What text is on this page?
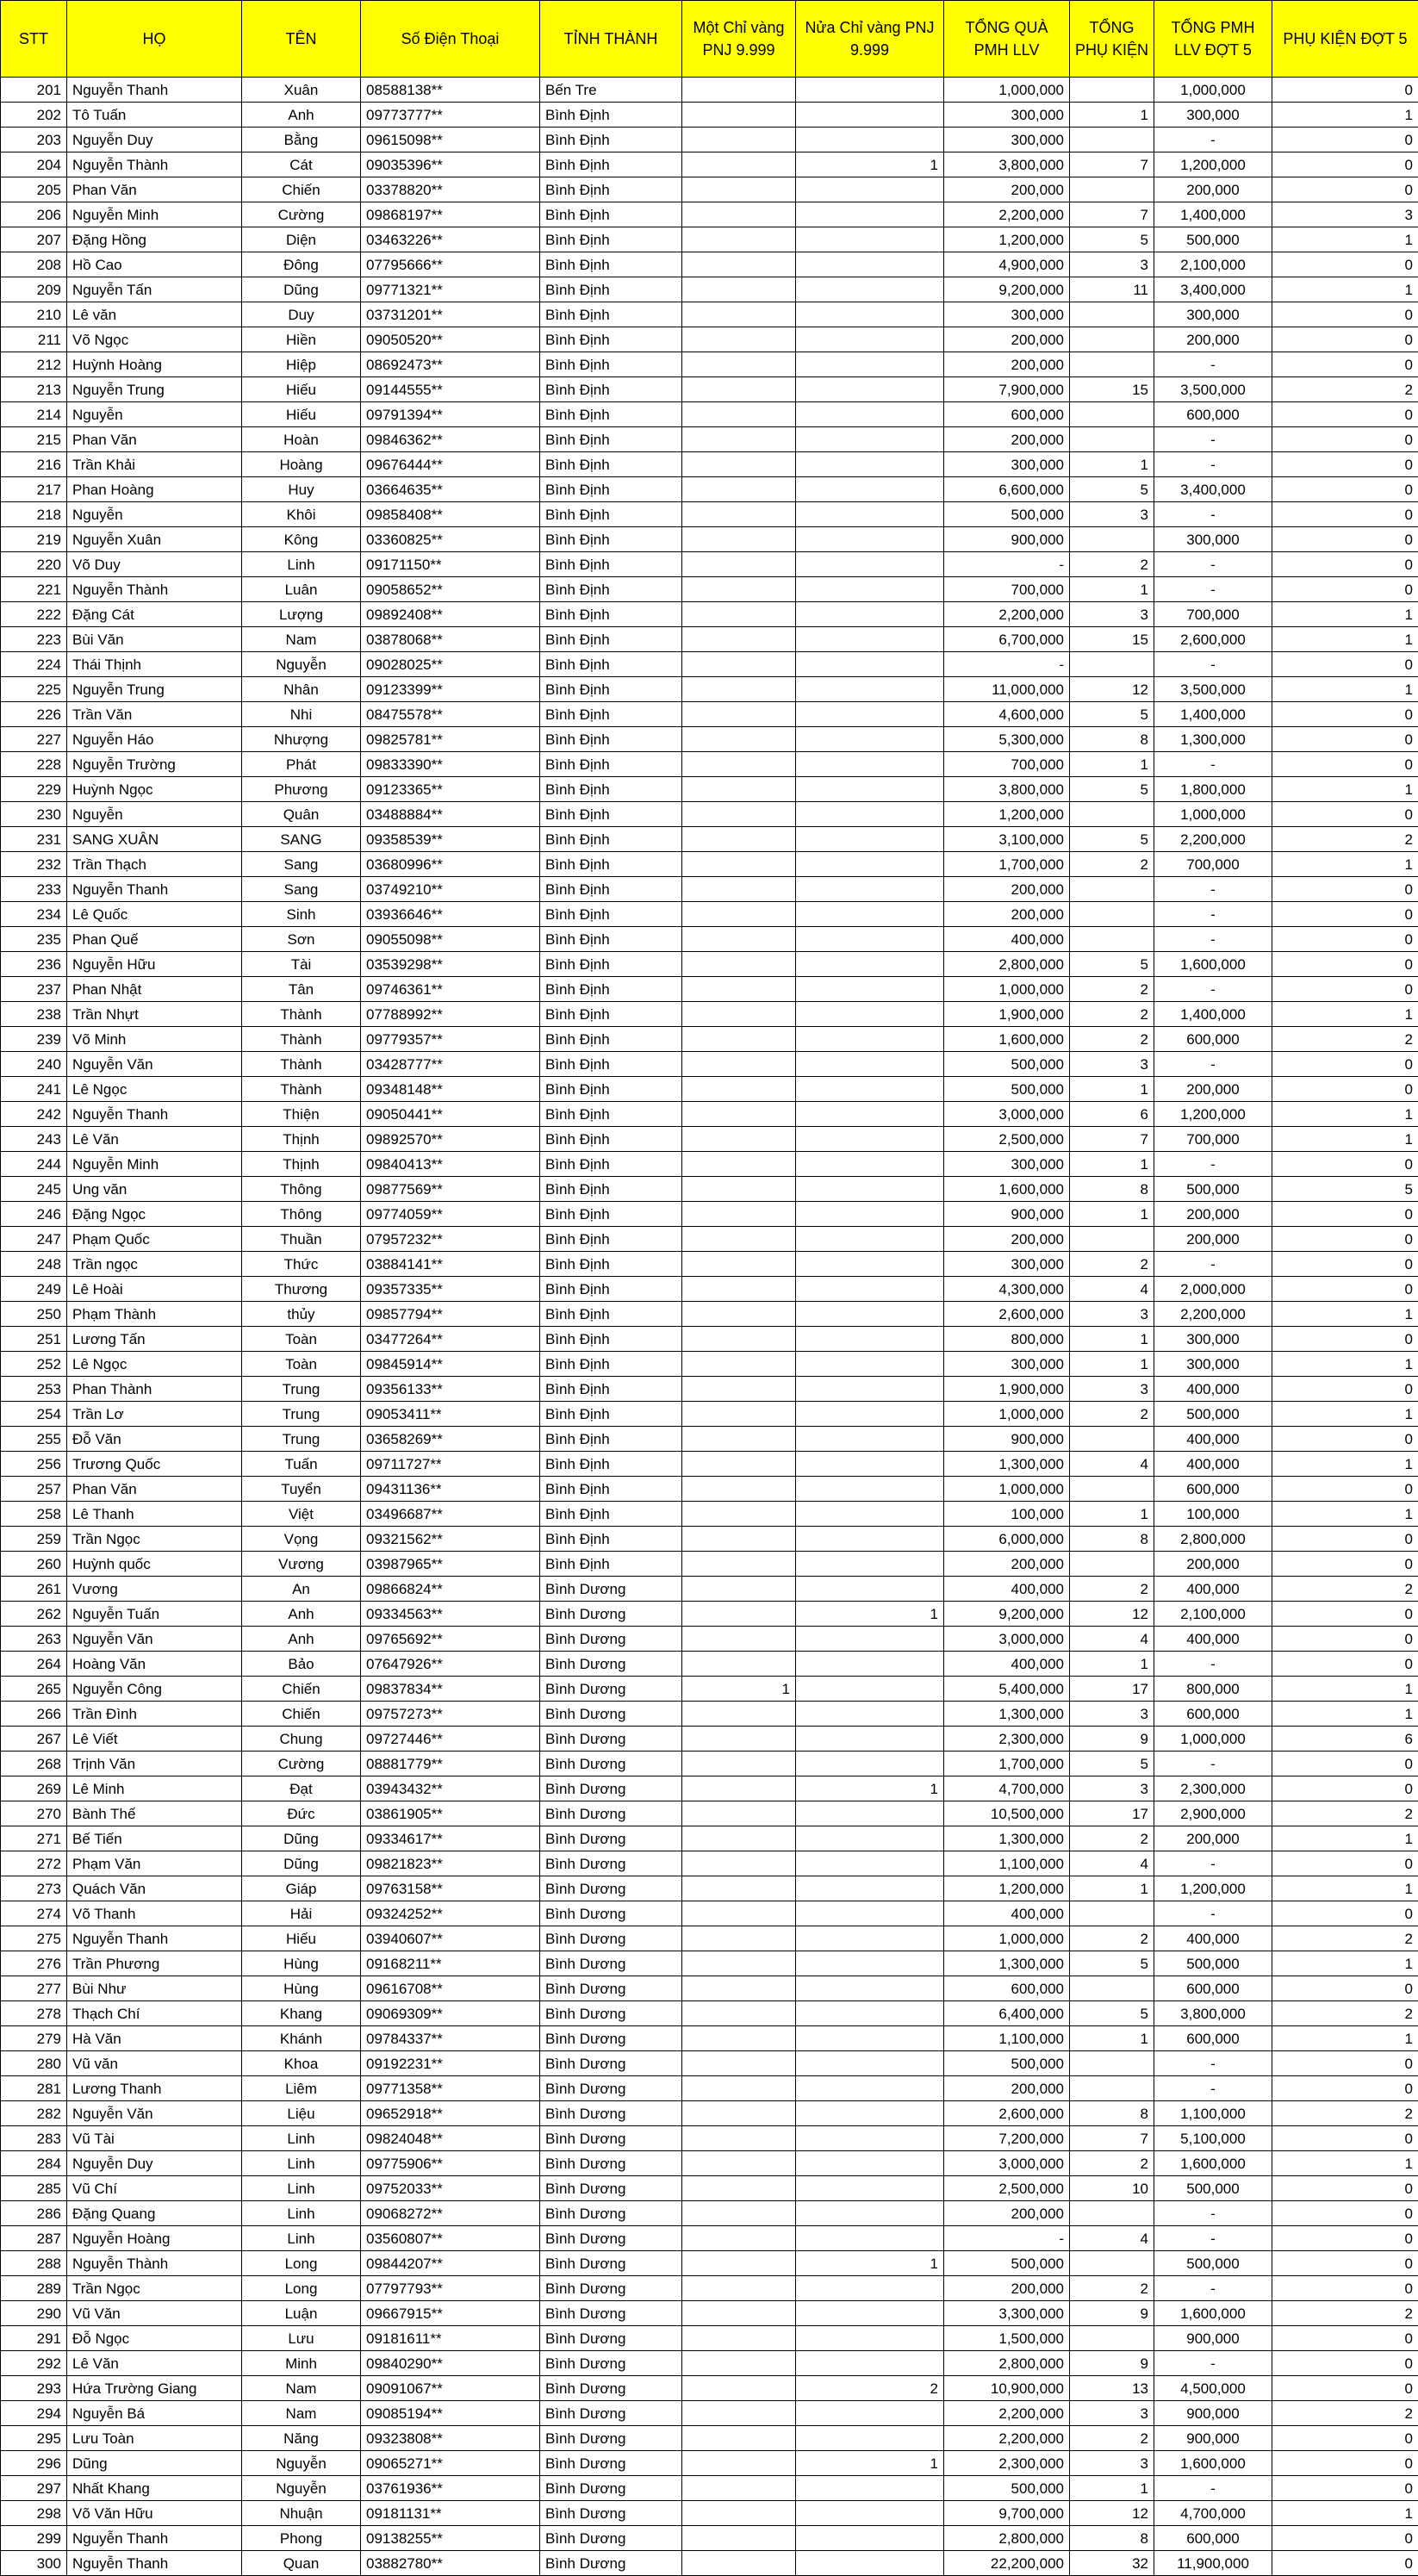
STT	HỌ	TÊN	Số Điện Thoại	TỈNH THÀNH	Một Chỉ vàng PNJ 9.999	Nửa Chỉ vàng PNJ 9.999	TỔNG QUÀ PMH LLV	TỔNG PHỤ KIỆN	TỔNG PMH LLV ĐỢT 5	PHỤ KIỆN ĐỢT 5
201	Nguyễn Thanh	Xuân	08588138**	Bến Tre			1,000,000		1,000,000	0
202	Tô Tuấn	Anh	09773777**	Bình Định			300,000	1	300,000	1
203	Nguyễn Duy	Bằng	09615098**	Bình Định			300,000		-	0
204	Nguyễn Thành	Cát	09035396**	Bình Định		1	3,800,000	7	1,200,000	0
205	Phan Văn	Chiến	03378820**	Bình Định			200,000		200,000	0
206	Nguyễn Minh	Cường	09868197**	Bình Định			2,200,000	7	1,400,000	3
207	Đặng Hồng	Diện	03463226**	Bình Định			1,200,000	5	500,000	1
208	Hồ Cao	Đông	07795666**	Bình Định			4,900,000	3	2,100,000	0
209	Nguyễn Tấn	Dũng	09771321**	Bình Định			9,200,000	11	3,400,000	1
210	Lê văn	Duy	03731201**	Bình Định			300,000		300,000	0
211	Võ Ngọc	Hiền	09050520**	Bình Định			200,000		200,000	0
212	Huỳnh Hoàng	Hiệp	08692473**	Bình Định			200,000		-	0
213	Nguyễn Trung	Hiếu	09144555**	Bình Định			7,900,000	15	3,500,000	2
214	Nguyễn	Hiếu	09791394**	Bình Định			600,000		600,000	0
215	Phan Văn	Hoàn	09846362**	Bình Định			200,000		-	0
216	Trần Khải	Hoàng	09676444**	Bình Định			300,000	1	-	0
217	Phan Hoàng	Huy	03664635**	Bình Định			6,600,000	5	3,400,000	0
218	Nguyễn	Khôi	09858408**	Bình Định			500,000	3	-	0
219	Nguyễn Xuân	Kông	03360825**	Bình Định			900,000		300,000	0
220	Võ Duy	Linh	09171150**	Bình Định			-	2	-	0
221	Nguyễn Thành	Luân	09058652**	Bình Định			700,000	1	-	0
222	Đặng Cát	Lượng	09892408**	Bình Định			2,200,000	3	700,000	1
223	Bùi Văn	Nam	03878068**	Bình Định			6,700,000	15	2,600,000	1
224	Thái Thịnh	Nguyễn	09028025**	Bình Định			-		-	0
225	Nguyễn Trung	Nhân	09123399**	Bình Định			11,000,000	12	3,500,000	1
226	Trần Văn	Nhi	08475578**	Bình Định			4,600,000	5	1,400,000	0
227	Nguyễn Háo	Nhượng	09825781**	Bình Định			5,300,000	8	1,300,000	0
228	Nguyễn Trường	Phát	09833390**	Bình Định			700,000	1	-	0
229	Huỳnh Ngọc	Phương	09123365**	Bình Định			3,800,000	5	1,800,000	1
230	Nguyễn	Quân	03488884**	Bình Định			1,200,000		1,000,000	0
231	SANG XUÂN	SANG	09358539**	Bình Định			3,100,000	5	2,200,000	2
232	Trần Thạch	Sang	03680996**	Bình Định			1,700,000	2	700,000	1
233	Nguyễn Thanh	Sang	03749210**	Bình Định			200,000		-	0
234	Lê Quốc	Sinh	03936646**	Bình Định			200,000		-	0
235	Phan Quế	Sơn	09055098**	Bình Định			400,000		-	0
236	Nguyễn Hữu	Tài	03539298**	Bình Định			2,800,000	5	1,600,000	0
237	Phan Nhật	Tân	09746361**	Bình Định			1,000,000	2	-	0
238	Trần Nhựt	Thành	07788992**	Bình Định			1,900,000	2	1,400,000	1
239	Võ Minh	Thành	09779357**	Bình Định			1,600,000	2	600,000	2
240	Nguyễn Văn	Thành	03428777**	Bình Định			500,000	3	-	0
241	Lê Ngọc	Thành	09348148**	Bình Định			500,000	1	200,000	0
242	Nguyễn Thanh	Thiện	09050441**	Bình Định			3,000,000	6	1,200,000	1
243	Lê Văn	Thịnh	09892570**	Bình Định			2,500,000	7	700,000	1
244	Nguyễn Minh	Thịnh	09840413**	Bình Định			300,000	1	-	0
245	Ung văn	Thông	09877569**	Bình Định			1,600,000	8	500,000	5
246	Đặng Ngọc	Thông	09774059**	Bình Định			900,000	1	200,000	0
247	Phạm Quốc	Thuần	07957232**	Bình Định			200,000		200,000	0
248	Trần ngọc	Thức	03884141**	Bình Định			300,000	2	-	0
249	Lê Hoài	Thương	09357335**	Bình Định			4,300,000	4	2,000,000	0
250	Phạm Thành	thủy	09857794**	Bình Định			2,600,000	3	2,200,000	1
251	Lương Tấn	Toàn	03477264**	Bình Định			800,000	1	300,000	0
252	Lê Ngọc	Toàn	09845914**	Bình Định			300,000	1	300,000	1
253	Phan Thành	Trung	09356133**	Bình Định			1,900,000	3	400,000	0
254	Trần Lơ	Trung	09053411**	Bình Định			1,000,000	2	500,000	1
255	Đỗ Văn	Trung	03658269**	Bình Định			900,000		400,000	0
256	Trương Quốc	Tuấn	09711727**	Bình Định			1,300,000	4	400,000	1
257	Phan Văn	Tuyển	09431136**	Bình Định			1,000,000		600,000	0
258	Lê Thanh	Việt	03496687**	Bình Định			100,000	1	100,000	1
259	Trần Ngọc	Vọng	09321562**	Bình Định			6,000,000	8	2,800,000	0
260	Huỳnh quốc	Vương	03987965**	Bình Định			200,000		200,000	0
261	Vương	An	09866824**	Bình Dương			400,000	2	400,000	2
262	Nguyễn Tuấn	Anh	09334563**	Bình Dương		1	9,200,000	12	2,100,000	0
263	Nguyễn Văn	Anh	09765692**	Bình Dương			3,000,000	4	400,000	0
264	Hoàng Văn	Bảo	07647926**	Bình Dương			400,000	1	-	0
265	Nguyễn Công	Chiến	09837834**	Bình Dương	1		5,400,000	17	800,000	1
266	Trần Đình	Chiến	09757273**	Bình Dương			1,300,000	3	600,000	1
267	Lê Viết	Chung	09727446**	Bình Dương			2,300,000	9	1,000,000	6
268	Trịnh Văn	Cường	08881779**	Bình Dương			1,700,000	5	-	0
269	Lê Minh	Đạt	03943432**	Bình Dương		1	4,700,000	3	2,300,000	0
270	Bành Thế	Đức	03861905**	Bình Dương			10,500,000	17	2,900,000	2
271	Bế Tiến	Dũng	09334617**	Bình Dương			1,300,000	2	200,000	1
272	Phạm Văn	Dũng	09821823**	Bình Dương			1,100,000	4	-	0
273	Quách Văn	Giáp	09763158**	Bình Dương			1,200,000	1	1,200,000	1
274	Võ Thanh	Hải	09324252**	Bình Dương			400,000		-	0
275	Nguyễn Thanh	Hiếu	03940607**	Bình Dương			1,000,000	2	400,000	2
276	Trần Phương	Hùng	09168211**	Bình Dương			1,300,000	5	500,000	1
277	Bùi Như	Hùng	09616708**	Bình Dương			600,000		600,000	0
278	Thạch Chí	Khang	09069309**	Bình Dương			6,400,000	5	3,800,000	2
279	Hà Văn	Khánh	09784337**	Bình Dương			1,100,000	1	600,000	1
280	Vũ văn	Khoa	09192231**	Bình Dương			500,000		-	0
281	Lương Thanh	Liêm	09771358**	Bình Dương			200,000		-	0
282	Nguyễn Văn	Liệu	09652918**	Bình Dương			2,600,000	8	1,100,000	2
283	Vũ Tài	Linh	09824048**	Bình Dương			7,200,000	7	5,100,000	0
284	Nguyễn Duy	Linh	09775906**	Bình Dương			3,000,000	2	1,600,000	1
285	Vũ Chí	Linh	09752033**	Bình Dương			2,500,000	10	500,000	0
286	Đặng Quang	Linh	09068272**	Bình Dương			200,000		-	0
287	Nguyễn Hoàng	Linh	03560807**	Bình Dương			-	4	-	0
288	Nguyễn Thành	Long	09844207**	Bình Dương		1	500,000		500,000	0
289	Trần Ngọc	Long	07797793**	Bình Dương			200,000	2	-	0
290	Vũ Văn	Luận	09667915**	Bình Dương			3,300,000	9	1,600,000	2
291	Đỗ Ngọc	Lưu	09181611**	Bình Dương			1,500,000		900,000	0
292	Lê Văn	Minh	09840290**	Bình Dương			2,800,000	9	-	0
293	Hứa Trường Giang	Nam	09091067**	Bình Dương		2	10,900,000	13	4,500,000	0
294	Nguyễn Bá	Nam	09085194**	Bình Dương			2,200,000	3	900,000	2
295	Lưu Toàn	Năng	09323808**	Bình Dương			2,200,000	2	900,000	0
296	Dũng	Nguyễn	09065271**	Bình Dương		1	2,300,000	3	1,600,000	0
297	Nhất Khang	Nguyễn	03761936**	Bình Dương			500,000	1	-	0
298	Võ Văn Hữu	Nhuận	09181131**	Bình Dương			9,700,000	12	4,700,000	1
299	Nguyễn Thanh	Phong	09138255**	Bình Dương			2,800,000	8	600,000	0
300	Nguyễn Thanh	Quan	03882780**	Bình Dương			22,200,000	32	11,900,000	0
